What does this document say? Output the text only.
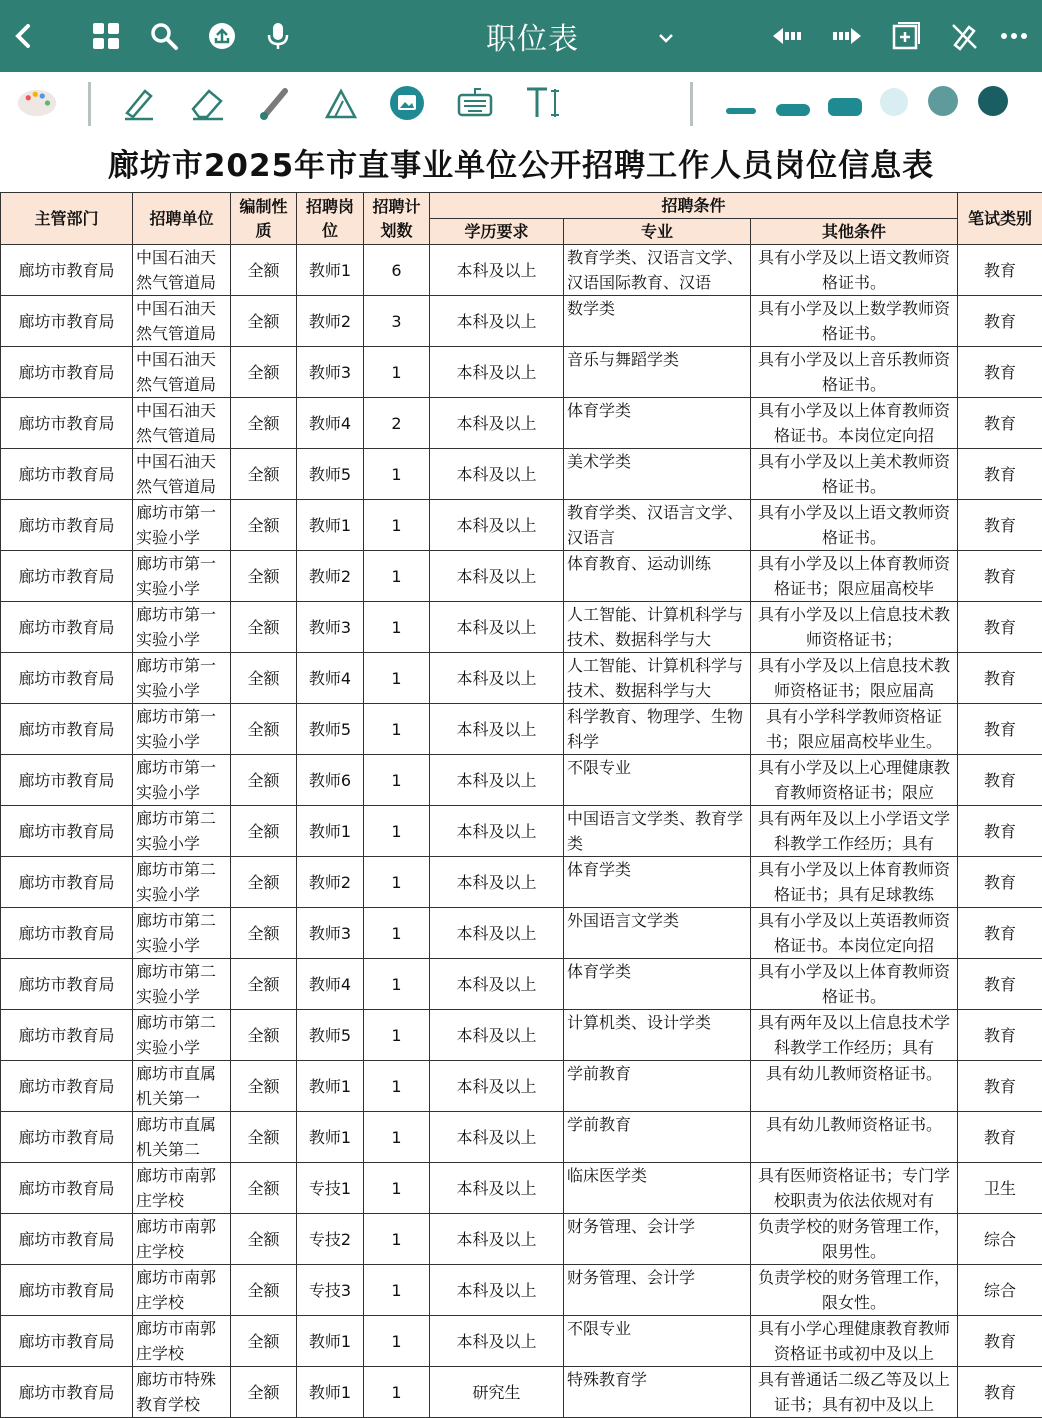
职位表
廊坊市2025年市直事业单位公开招聘工作人员岗位信息表
主管部门	招聘单位	编制性质	招聘岗位	招聘计划数	招聘条件			笔试类别
					学历要求	专业	其他条件	
廊坊市教育局	中国石油天然气管道局	全额	教师1	6	本科及以上	教育学类、汉语言文学、汉语国际教育、汉语	具有小学及以上语文教师资格证书。	教育
廊坊市教育局	中国石油天然气管道局	全额	教师2	3	本科及以上	数学类	具有小学及以上数学教师资格证书。	教育
廊坊市教育局	中国石油天然气管道局	全额	教师3	1	本科及以上	音乐与舞蹈学类	具有小学及以上音乐教师资格证书。	教育
廊坊市教育局	中国石油天然气管道局	全额	教师4	2	本科及以上	体育学类	具有小学及以上体育教师资格证书。本岗位定向招	教育
廊坊市教育局	中国石油天然气管道局	全额	教师5	1	本科及以上	美术学类	具有小学及以上美术教师资格证书。	教育
廊坊市教育局	廊坊市第一实验小学	全额	教师1	1	本科及以上	教育学类、汉语言文学、汉语言	具有小学及以上语文教师资格证书。	教育
廊坊市教育局	廊坊市第一实验小学	全额	教师2	1	本科及以上	体育教育、运动训练	具有小学及以上体育教师资格证书；限应届高校毕	教育
廊坊市教育局	廊坊市第一实验小学	全额	教师3	1	本科及以上	人工智能、计算机科学与技术、数据科学与大	具有小学及以上信息技术教师资格证书；	教育
廊坊市教育局	廊坊市第一实验小学	全额	教师4	1	本科及以上	人工智能、计算机科学与技术、数据科学与大	具有小学及以上信息技术教师资格证书；限应届高	教育
廊坊市教育局	廊坊市第一实验小学	全额	教师5	1	本科及以上	科学教育、物理学、生物科学	具有小学科学教师资格证书；限应届高校毕业生。	教育
廊坊市教育局	廊坊市第一实验小学	全额	教师6	1	本科及以上	不限专业	具有小学及以上心理健康教育教师资格证书；限应	教育
廊坊市教育局	廊坊市第二实验小学	全额	教师1	1	本科及以上	中国语言文学类、教育学类	具有两年及以上小学语文学科教学工作经历；具有	教育
廊坊市教育局	廊坊市第二实验小学	全额	教师2	1	本科及以上	体育学类	具有小学及以上体育教师资格证书；具有足球教练	教育
廊坊市教育局	廊坊市第二实验小学	全额	教师3	1	本科及以上	外国语言文学类	具有小学及以上英语教师资格证书。本岗位定向招	教育
廊坊市教育局	廊坊市第二实验小学	全额	教师4	1	本科及以上	体育学类	具有小学及以上体育教师资格证书。	教育
廊坊市教育局	廊坊市第二实验小学	全额	教师5	1	本科及以上	计算机类、设计学类	具有两年及以上信息技术学科教学工作经历；具有	教育
廊坊市教育局	廊坊市直属机关第一	全额	教师1	1	本科及以上	学前教育	具有幼儿教师资格证书。	教育
廊坊市教育局	廊坊市直属机关第二	全额	教师1	1	本科及以上	学前教育	具有幼儿教师资格证书。	教育
廊坊市教育局	廊坊市南郭庄学校	全额	专技1	1	本科及以上	临床医学类	具有医师资格证书；专门学校职责为依法依规对有	卫生
廊坊市教育局	廊坊市南郭庄学校	全额	专技2	1	本科及以上	财务管理、会计学	负责学校的财务管理工作，限男性。	综合
廊坊市教育局	廊坊市南郭庄学校	全额	专技3	1	本科及以上	财务管理、会计学	负责学校的财务管理工作，限女性。	综合
廊坊市教育局	廊坊市南郭庄学校	全额	教师1	1	本科及以上	不限专业	具有小学心理健康教育教师资格证书或初中及以上	教育
廊坊市教育局	廊坊市特殊教育学校	全额	教师1	1	研究生	特殊教育学	具有普通话二级乙等及以上证书；具有初中及以上	教育
